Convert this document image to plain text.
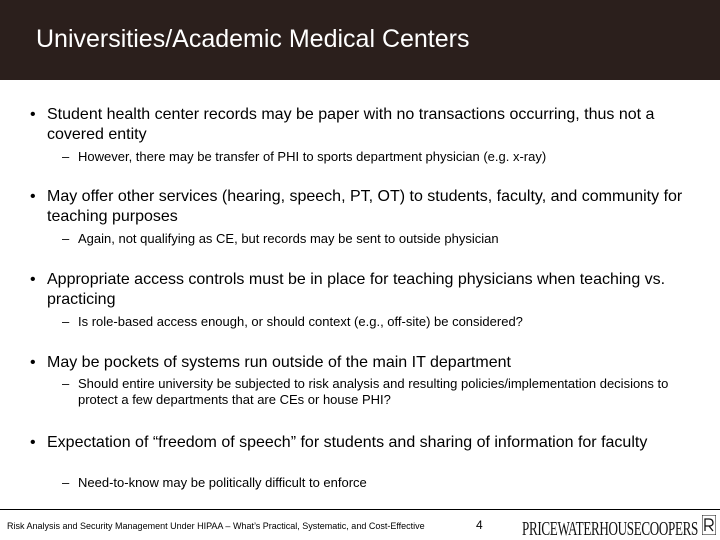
Universities/Academic Medical Centers
• Student health center records may be paper with no transactions occurring, thus not a covered entity
– However, there may be transfer of PHI to sports department physician (e.g. x-ray)
• May offer other services (hearing, speech, PT, OT) to students, faculty, and community for teaching purposes
– Again, not qualifying as CE, but records may be sent to outside physician
• Appropriate access controls must be in place for teaching physicians when teaching vs. practicing
– Is role-based access enough, or should context (e.g., off-site) be considered?
• May be pockets of systems run outside of the main IT department
– Should entire university be subjected to risk analysis and resulting policies/implementation decisions to protect a few departments that are CEs or house PHI?
• Expectation of “freedom of speech” for students and sharing of information for faculty
– Need-to-know may be politically difficult to enforce
Risk Analysis and Security Management Under HIPAA – What’s Practical, Systematic, and Cost-Effective	4 PRICEWATERHOUSECOOPERS
